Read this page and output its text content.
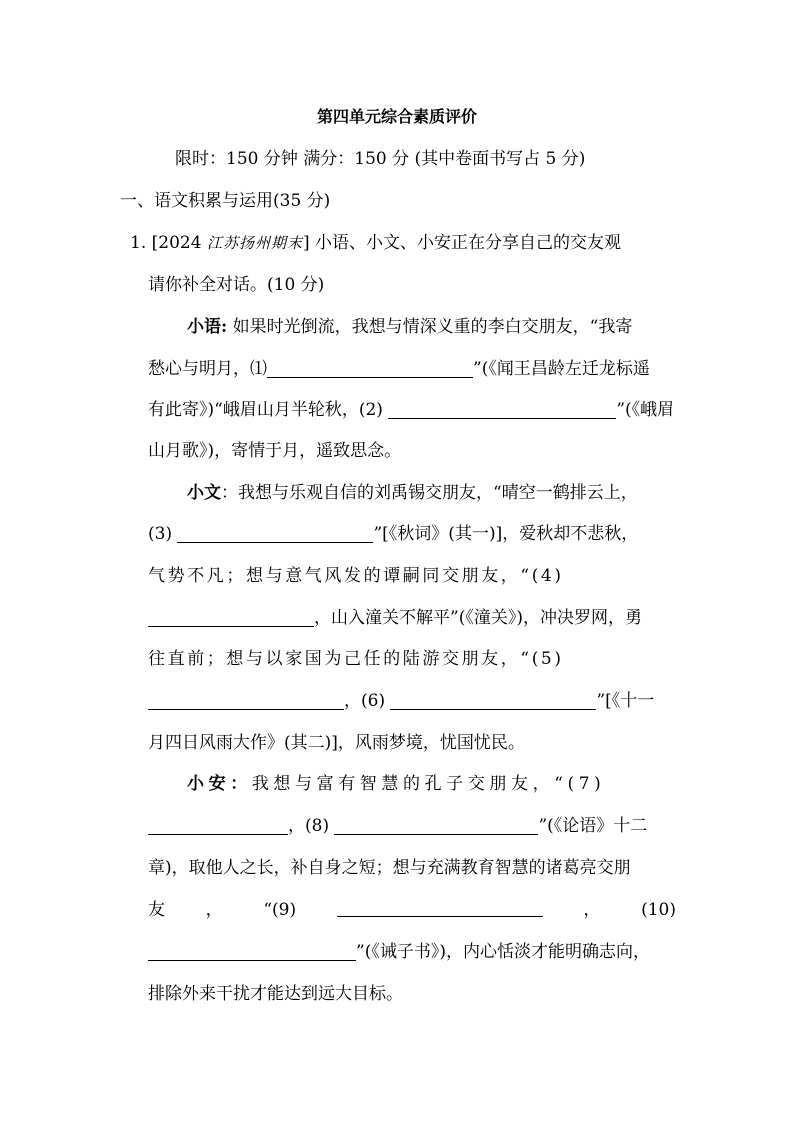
第四单元综合素质评价
限时：150 分钟 满分：150 分 (其中卷面书写占 5 分)
一、语文积累与运用(35 分)
1. [2024 江苏扬州期末] 小语、小文、小安正在分享自己的交友观
请你补全对话。(10 分)
小语: 如果时光倒流，我想与情深义重的李白交朋友，“我寄
愁心与明月，⑴	”(《闻王昌龄左迁龙标遥
有此寄》)“峨眉山月半轮秋，(2)	”(《峨眉
山月歌》)，寄情于月，遥致思念。
小文：我想与乐观自信的刘禹锡交朋友，“晴空一鹤排云上，
(3)	”[《秋词》(其一)]，爱秋却不悲秋，
气势不凡；想与意气风发的谭嗣同交朋友，“(4)
，山入潼关不解平”(《潼关》)，冲决罗网，勇
往直前；想与以家国为己任的陆游交朋友，“(5)
，(6)	”[《十一
月四日风雨大作》(其二)]，风雨梦境，忧国忧民。
小安：我想与富有智慧的孔子交朋友，“(7)
，(8)	”(《论语》十二
章)，取他人之长，补自身之短；想与充满教育智慧的诸葛亮交朋
友 ， “(9)	， (10)
”(《诫子书》)，内心恬淡才能明确志向，
排除外来干扰才能达到远大目标。
